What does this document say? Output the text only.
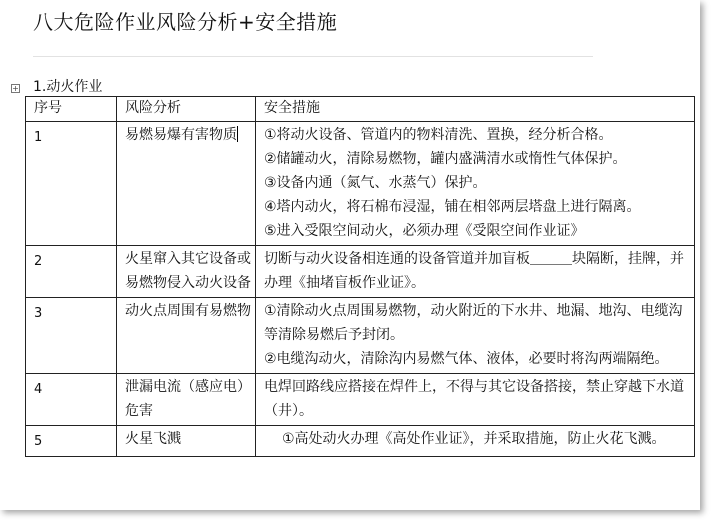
八大危险作业风险分析+安全措施
+ 1.动火作业
序号	风险分析	安全措施
1	易燃易爆有害物质	①将动火设备、管道内的物料清洗、置换，经分析合格。
②储罐动火，清除易燃物，罐内盛满清水或惰性气体保护。
③设备内通（氮气、水蒸气）保护。
④塔内动火，将石棉布浸湿，铺在相邻两层塔盘上进行隔离。
⑤进入受限空间动火，必须办理《受限空间作业证》

2	火星窜入其它设备或易燃物侵入动火设备	切断与动火设备相连通的设备管道并加盲板＿＿＿块隔断，挂牌，并办理《抽堵盲板作业证》。

3	动火点周围有易燃物	①清除动火点周围易燃物，动火附近的下水井、地漏、地沟、电缆沟等清除易燃后予封闭。
②电缆沟动火，清除沟内易燃气体、液体，必要时将沟两端隔绝。

4	泄漏电流（感应电）危害	电焊回路线应搭接在焊件上，不得与其它设备搭接，禁止穿越下水道（井）。

5	火星飞溅	①高处动火办理《高处作业证》，并采取措施，防止火花飞溅。
